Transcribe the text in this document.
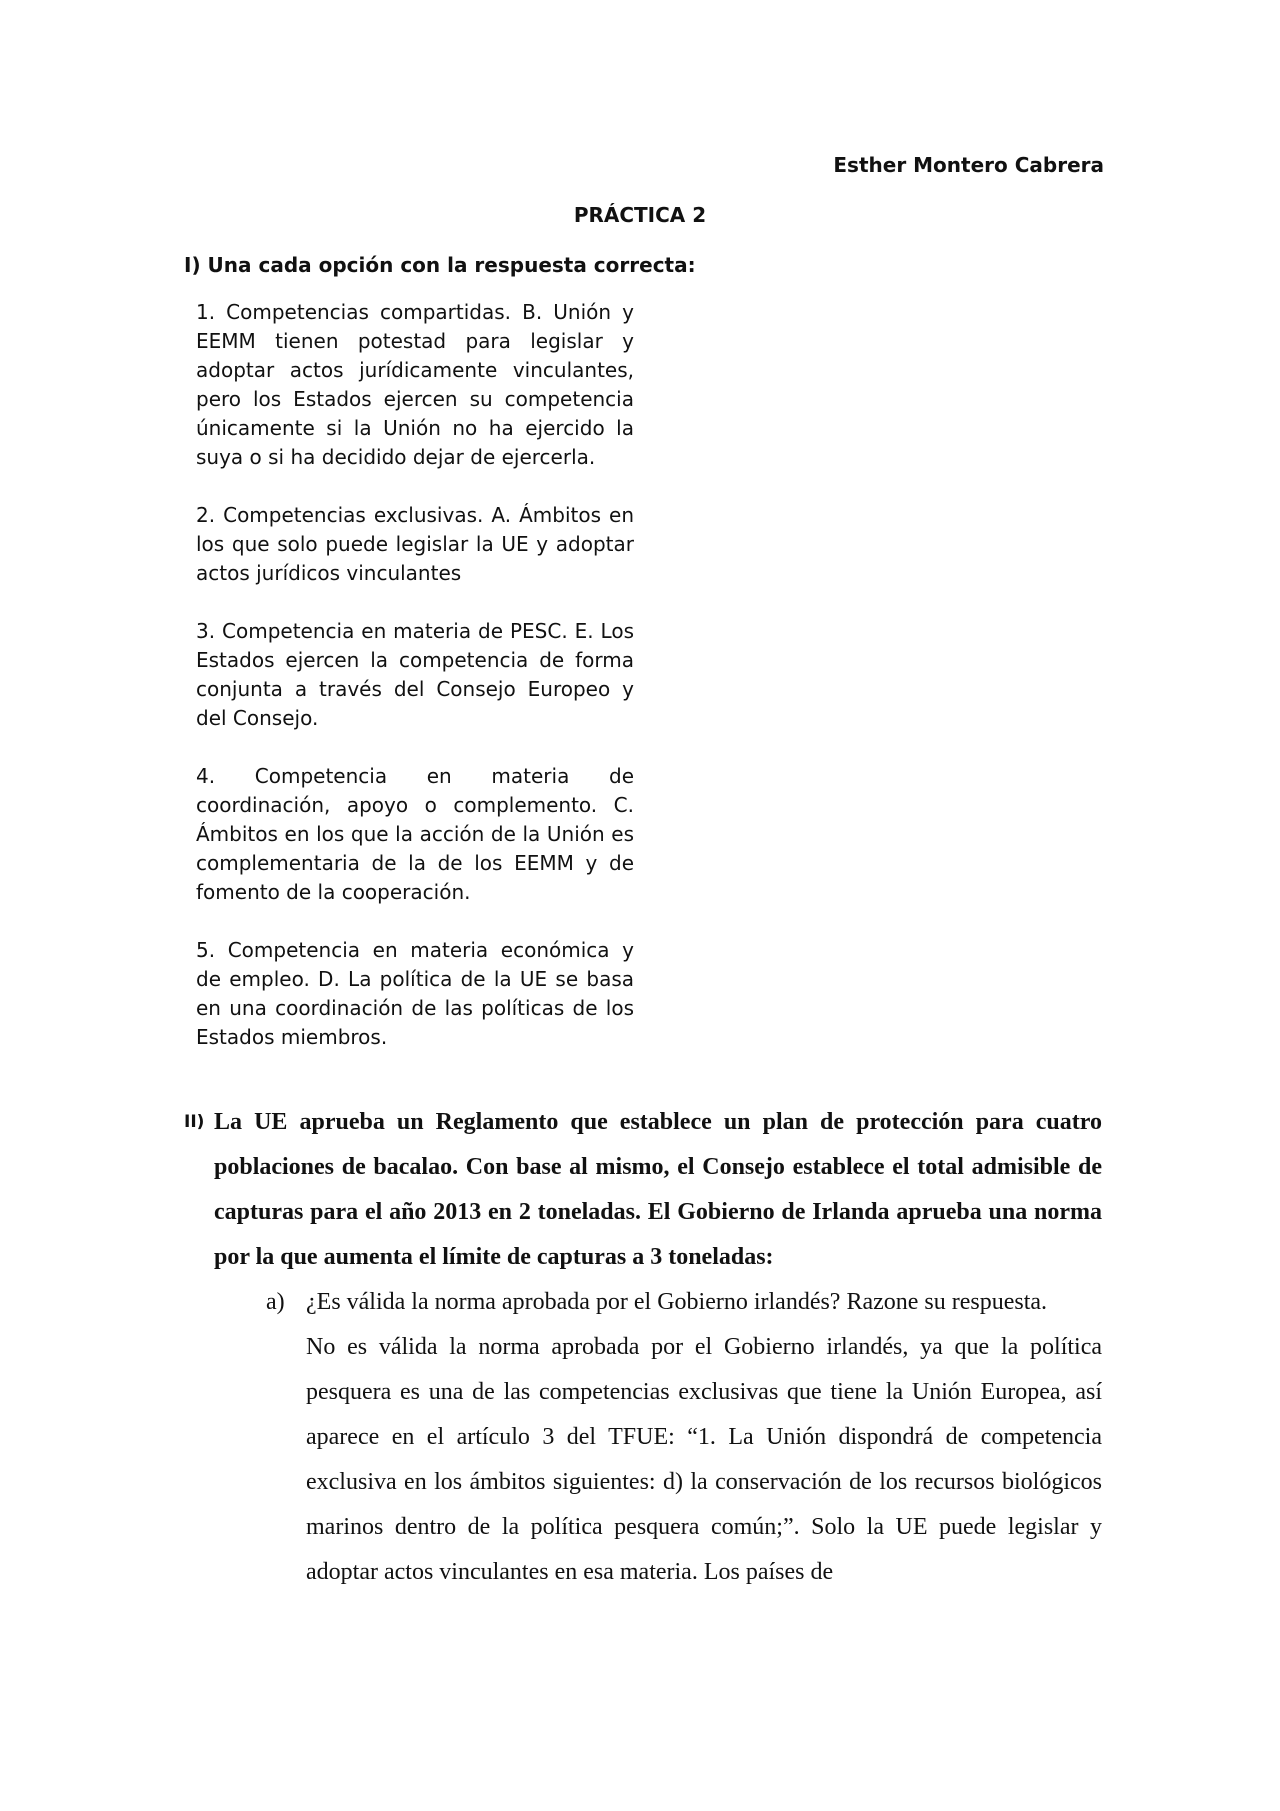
Esther Montero Cabrera
PRÁCTICA 2
I) Una cada opción con la respuesta correcta:

1. Competencias compartidas. B. Unión y EEMM tienen potestad para legislar y adoptar actos jurídicamente vinculantes, pero los Estados ejercen su competencia únicamente si la Unión no ha ejercido la suya o si ha decidido dejar de ejercerla.

2. Competencias exclusivas. A. Ámbitos en los que solo puede legislar la UE y adoptar actos jurídicos vinculantes

3. Competencia en materia de PESC. E. Los Estados ejercen la competencia de forma conjunta a través del Consejo Europeo y del Consejo.

4. Competencia en materia de coordinación, apoyo o complemento. C. Ámbitos en los que la acción de la Unión es complementaria de la de los EEMM y de fomento de la cooperación.

5. Competencia en materia económica y de empleo. D. La política de la UE se basa en una coordinación de las políticas de los Estados miembros.

II) La UE aprueba un Reglamento que establece un plan de protección para cuatro poblaciones de bacalao. Con base al mismo, el Consejo establece el total admisible de capturas para el año 2013 en 2 toneladas. El Gobierno de Irlanda aprueba una norma por la que aumenta el límite de capturas a 3 toneladas:
a) ¿Es válida la norma aprobada por el Gobierno irlandés? Razone su respuesta.
No es válida la norma aprobada por el Gobierno irlandés, ya que la política pesquera es una de las competencias exclusivas que tiene la Unión Europea, así aparece en el artículo 3 del TFUE: “1. La Unión dispondrá de competencia exclusiva en los ámbitos siguientes: d) la conservación de los recursos biológicos marinos dentro de la política pesquera común;”. Solo la UE puede legislar y adoptar actos vinculantes en esa materia. Los países de
